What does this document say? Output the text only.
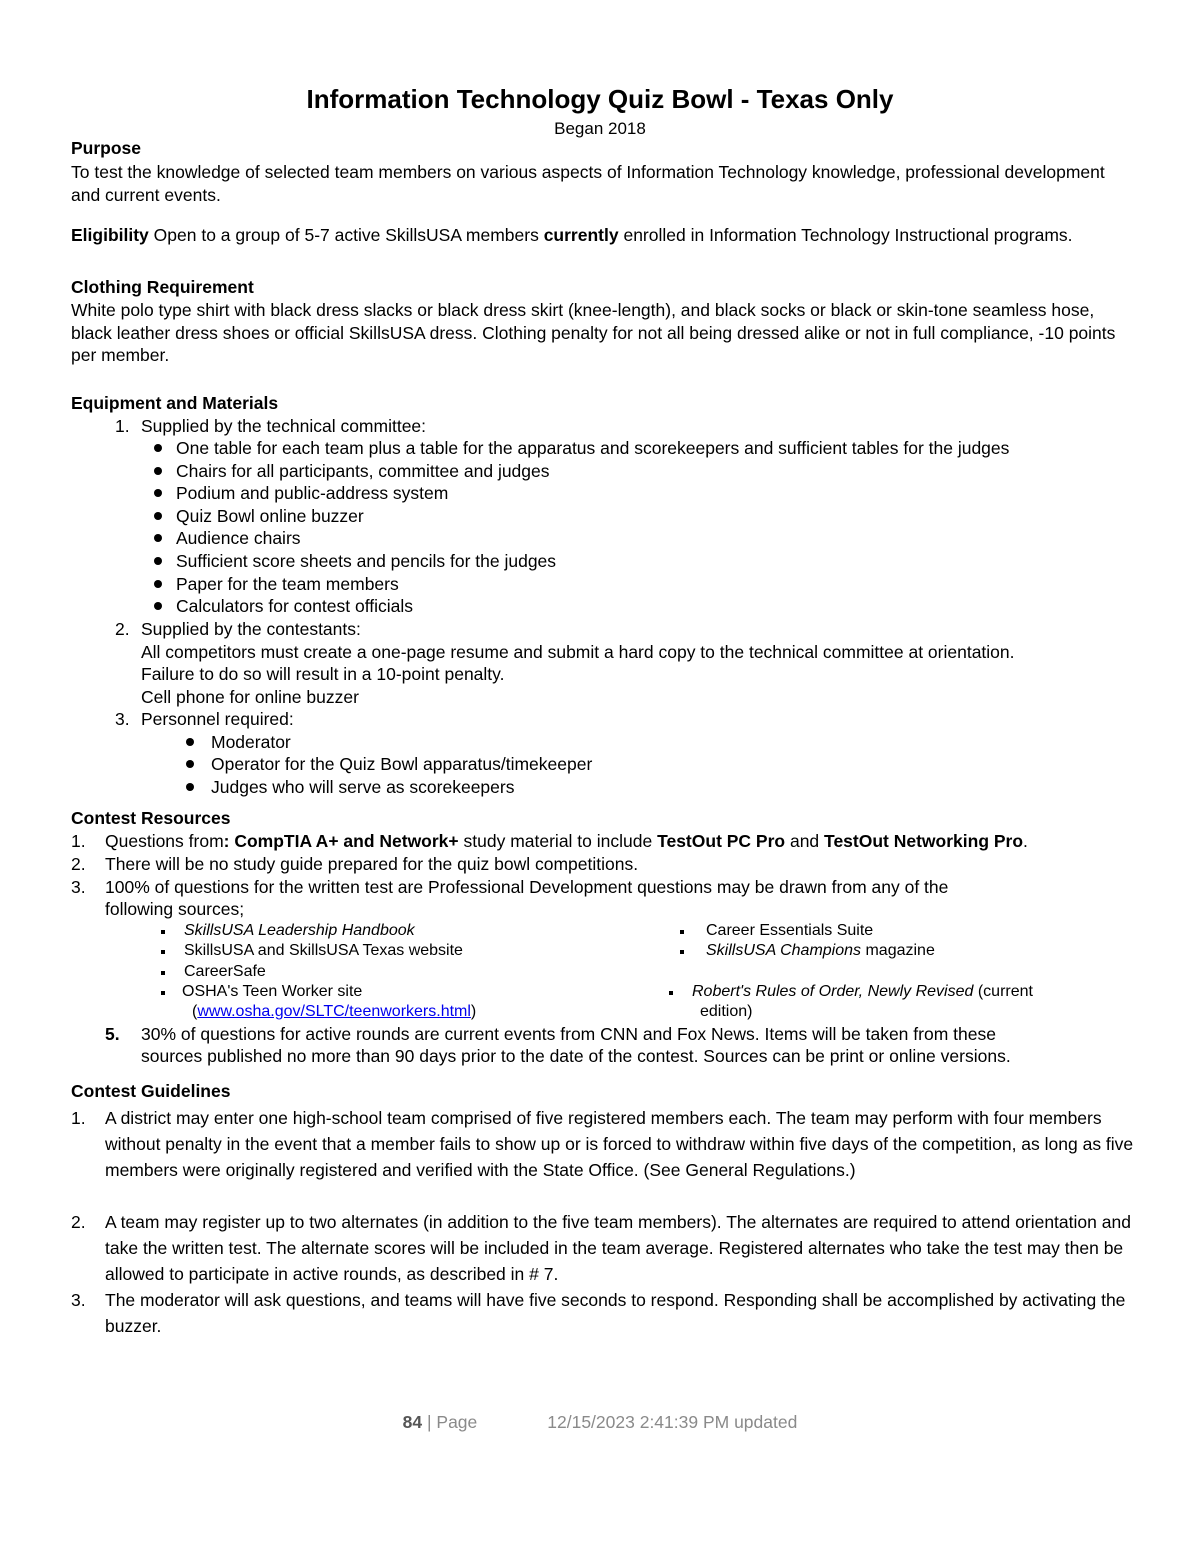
Information Technology Quiz Bowl - Texas Only
Began 2018
Purpose
To test the knowledge of selected team members on various aspects of Information Technology knowledge, professional development and current events.
Eligibility Open to a group of 5-7 active SkillsUSA members currently enrolled in Information Technology Instructional programs.
Clothing Requirement
White polo type shirt with black dress slacks or black dress skirt (knee-length), and black socks or black or skin-tone seamless hose, black leather dress shoes or official SkillsUSA dress. Clothing penalty for not all being dressed alike or not in full compliance, -10 points per member.
Equipment and Materials
1. Supplied by the technical committee:
One table for each team plus a table for the apparatus and scorekeepers and sufficient tables for the judges
Chairs for all participants, committee and judges
Podium and public-address system
Quiz Bowl online buzzer
Audience chairs
Sufficient score sheets and pencils for the judges
Paper for the team members
Calculators for contest officials
2. Supplied by the contestants:
All competitors must create a one-page resume and submit a hard copy to the technical committee at orientation.
Failure to do so will result in a 10-point penalty.
Cell phone for online buzzer
3. Personnel required:
Moderator
Operator for the Quiz Bowl apparatus/timekeeper
Judges who will serve as scorekeepers
Contest Resources
1. Questions from: CompTIA A+ and Network+ study material to include TestOut PC Pro and TestOut Networking Pro.
2. There will be no study guide prepared for the quiz bowl competitions.
3. 100% of questions for the written test are Professional Development questions may be drawn from any of the
following sources;
SkillsUSA Leadership Handbook
SkillsUSA and SkillsUSA Texas website
CareerSafe
OSHA's Teen Worker site
(www.osha.gov/SLTC/teenworkers.html)
Career Essentials Suite
SkillsUSA Champions magazine
Robert's Rules of Order, Newly Revised (current
edition)
5. 30% of questions for active rounds are current events from CNN and Fox News. Items will be taken from these
sources published no more than 90 days prior to the date of the contest. Sources can be print or online versions.
Contest Guidelines
1. A district may enter one high-school team comprised of five registered members each. The team may perform with four members without penalty in the event that a member fails to show up or is forced to withdraw within five days of the competition, as long as five members were originally registered and verified with the State Office. (See General Regulations.)
2. A team may register up to two alternates (in addition to the five team members). The alternates are required to attend orientation and take the written test. The alternate scores will be included in the team average. Registered alternates who take the test may then be allowed to participate in active rounds, as described in # 7.
3. The moderator will ask questions, and teams will have five seconds to respond. Responding shall be accomplished by activating the buzzer.
84 | Page	12/15/2023 2:41:39 PM updated
